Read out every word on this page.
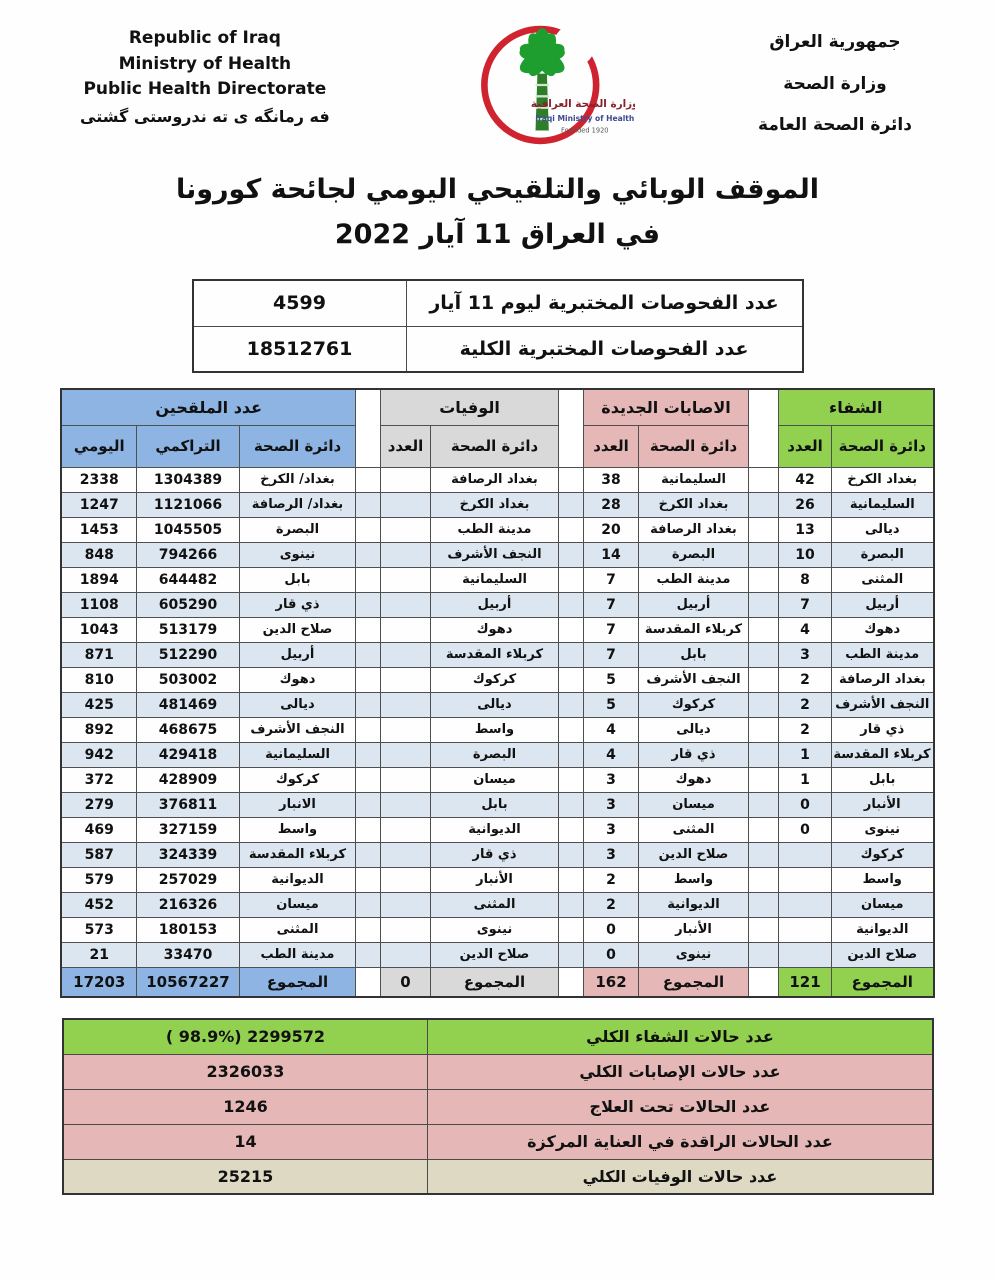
Republic of Iraq
Ministry of Health
Public Health Directorate
فه رمانگه ی ته ندروستی گشتی
وزارة الصحة العراقية
Iraqi Ministry of Health
Founded 1920
جمهورية العراق
وزارة الصحة
دائرة الصحة العامة
الموقف الوبائي والتلقيحي اليومي لجائحة كورونا
في العراق 11 آيار 2022
عدد الفحوصات المختبرية ليوم 11 آيار	4599
عدد الفحوصات المختبرية الكلية	18512761
الشفاء			الاصابات الجديدة			الوفيات			عدد الملقحين		
دائرة الصحة	العدد		دائرة الصحة	العدد		دائرة الصحة	العدد		دائرة الصحة	التراكمي	اليومي
بغداد الكرخ	42		السليمانية	38		بغداد الرصافة			بغداد/ الكرخ	1304389	2338
السليمانية	26		بغداد الكرخ	28		بغداد الكرخ			بغداد/ الرصافة	1121066	1247
ديالى	13		بغداد الرصافة	20		مدينة الطب			البصرة	1045505	1453
البصرة	10		البصرة	14		النجف الأشرف			نينوى	794266	848
المثنى	8		مدينة الطب	7		السليمانية			بابل	644482	1894
أربيل	7		أربيل	7		أربيل			ذي قار	605290	1108
دهوك	4		كربلاء المقدسة	7		دهوك			صلاح الدين	513179	1043
مدينة الطب	3		بابل	7		كربلاء المقدسة			أربيل	512290	871
بغداد الرصافة	2		النجف الأشرف	5		كركوك			دهوك	503002	810
النجف الأشرف	2		كركوك	5		ديالى			ديالى	481469	425
ذي قار	2		ديالى	4		واسط			النجف الأشرف	468675	892
كربلاء المقدسة	1		ذي قار	4		البصرة			السليمانية	429418	942
بابل	1		دهوك	3		ميسان			كركوك	428909	372
الأنبار	0		ميسان	3		بابل			الانبار	376811	279
نينوى	0		المثنى	3		الديوانية			واسط	327159	469
كركوك			صلاح الدين	3		ذي قار			كربلاء المقدسة	324339	587
واسط			واسط	2		الأنبار			الديوانية	257029	579
ميسان			الديوانية	2		المثنى			ميسان	216326	452
الديوانية			الأنبار	0		نينوى			المثنى	180153	573
صلاح الدين			نينوى	0		صلاح الدين			مدينة الطب	33470	21
المجموع	121		المجموع	162		المجموع	0		المجموع	10567227	17203
عدد حالات الشفاء الكلي	( 98.9%) 2299572
عدد حالات الإصابات الكلي	2326033
عدد الحالات تحت العلاج	1246
عدد الحالات الراقدة في العناية المركزة	14
عدد حالات الوفيات الكلي	25215
